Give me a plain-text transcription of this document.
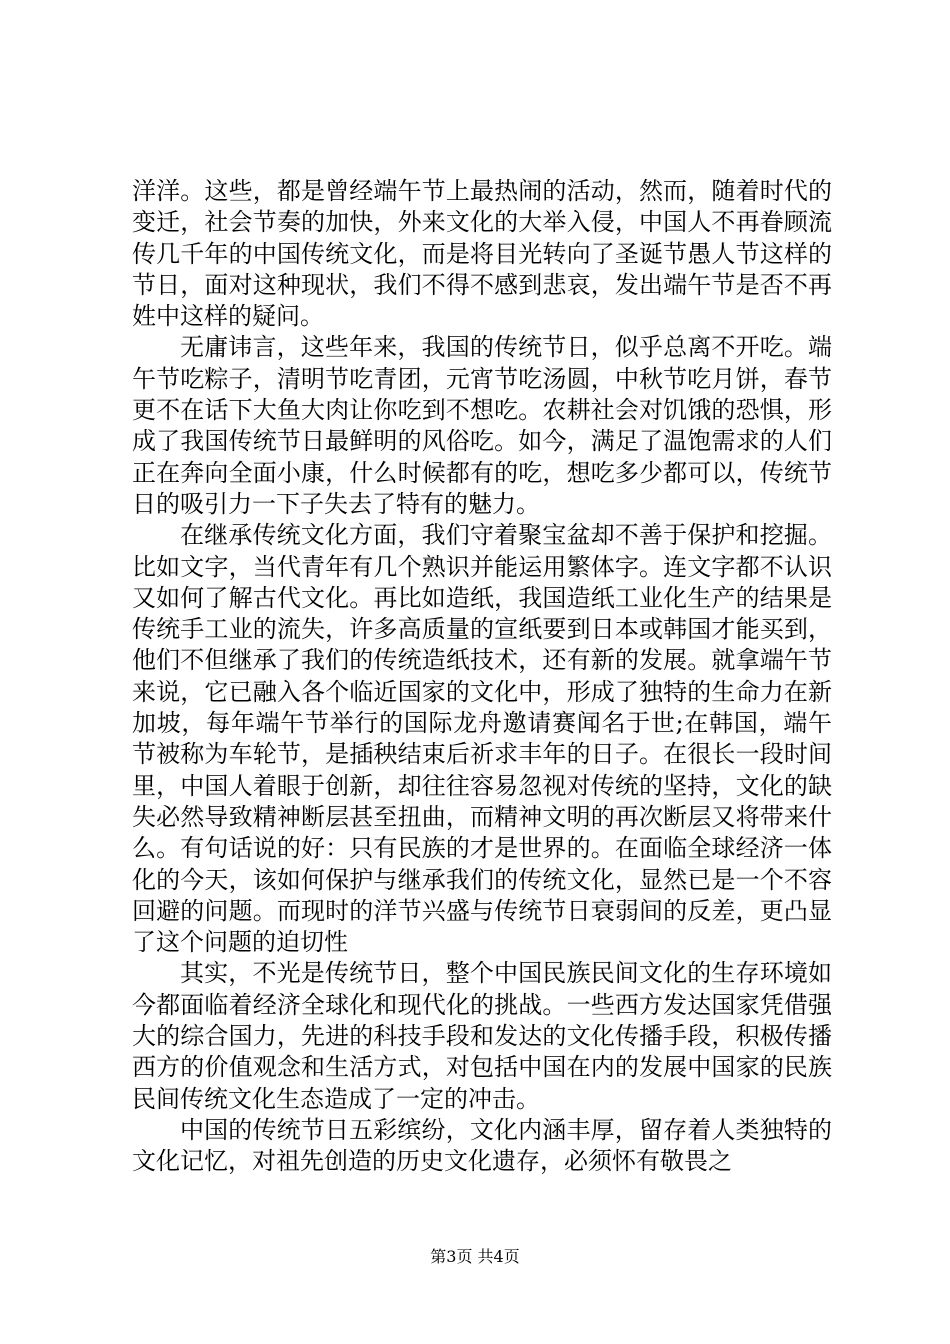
洋洋。这些，都是曾经端午节上最热闹的活动，然而，随着时代的变迁，社会节奏的加快，外来文化的大举入侵，中国人不再眷顾流传几千年的中国传统文化，而是将目光转向了圣诞节愚人节这样的节日，面对这种现状，我们不得不感到悲哀，发出端午节是否不再姓中这样的疑问。

无庸讳言，这些年来，我国的传统节日，似乎总离不开吃。端午节吃粽子，清明节吃青团，元宵节吃汤圆，中秋节吃月饼，春节更不在话下大鱼大肉让你吃到不想吃。农耕社会对饥饿的恐惧，形成了我国传统节日最鲜明的风俗吃。如今，满足了温饱需求的人们正在奔向全面小康，什么时候都有的吃，想吃多少都可以，传统节日的吸引力一下子失去了特有的魅力。

在继承传统文化方面，我们守着聚宝盆却不善于保护和挖掘。比如文字，当代青年有几个熟识并能运用繁体字。连文字都不认识又如何了解古代文化。再比如造纸，我国造纸工业化生产的结果是传统手工业的流失，许多高质量的宣纸要到日本或韩国才能买到，他们不但继承了我们的传统造纸技术，还有新的发展。就拿端午节来说，它已融入各个临近国家的文化中，形成了独特的生命力在新加坡，每年端午节举行的国际龙舟邀请赛闻名于世;在韩国，端午节被称为车轮节，是插秧结束后祈求丰年的日子。在很长一段时间里，中国人着眼于创新，却往往容易忽视对传统的坚持，文化的缺失必然导致精神断层甚至扭曲，而精神文明的再次断层又将带来什么。有句话说的好：只有民族的才是世界的。在面临全球经济一体化的今天，该如何保护与继承我们的传统文化，显然已是一个不容回避的问题。而现时的洋节兴盛与传统节日衰弱间的反差，更凸显了这个问题的迫切性

其实，不光是传统节日，整个中国民族民间文化的生存环境如今都面临着经济全球化和现代化的挑战。一些西方发达国家凭借强大的综合国力，先进的科技手段和发达的文化传播手段，积极传播西方的价值观念和生活方式，对包括中国在内的发展中国家的民族民间传统文化生态造成了一定的冲击。

中国的传统节日五彩缤纷，文化内涵丰厚，留存着人类独特的文化记忆，对祖先创造的历史文化遗存，必须怀有敬畏之

第3页 共4页
